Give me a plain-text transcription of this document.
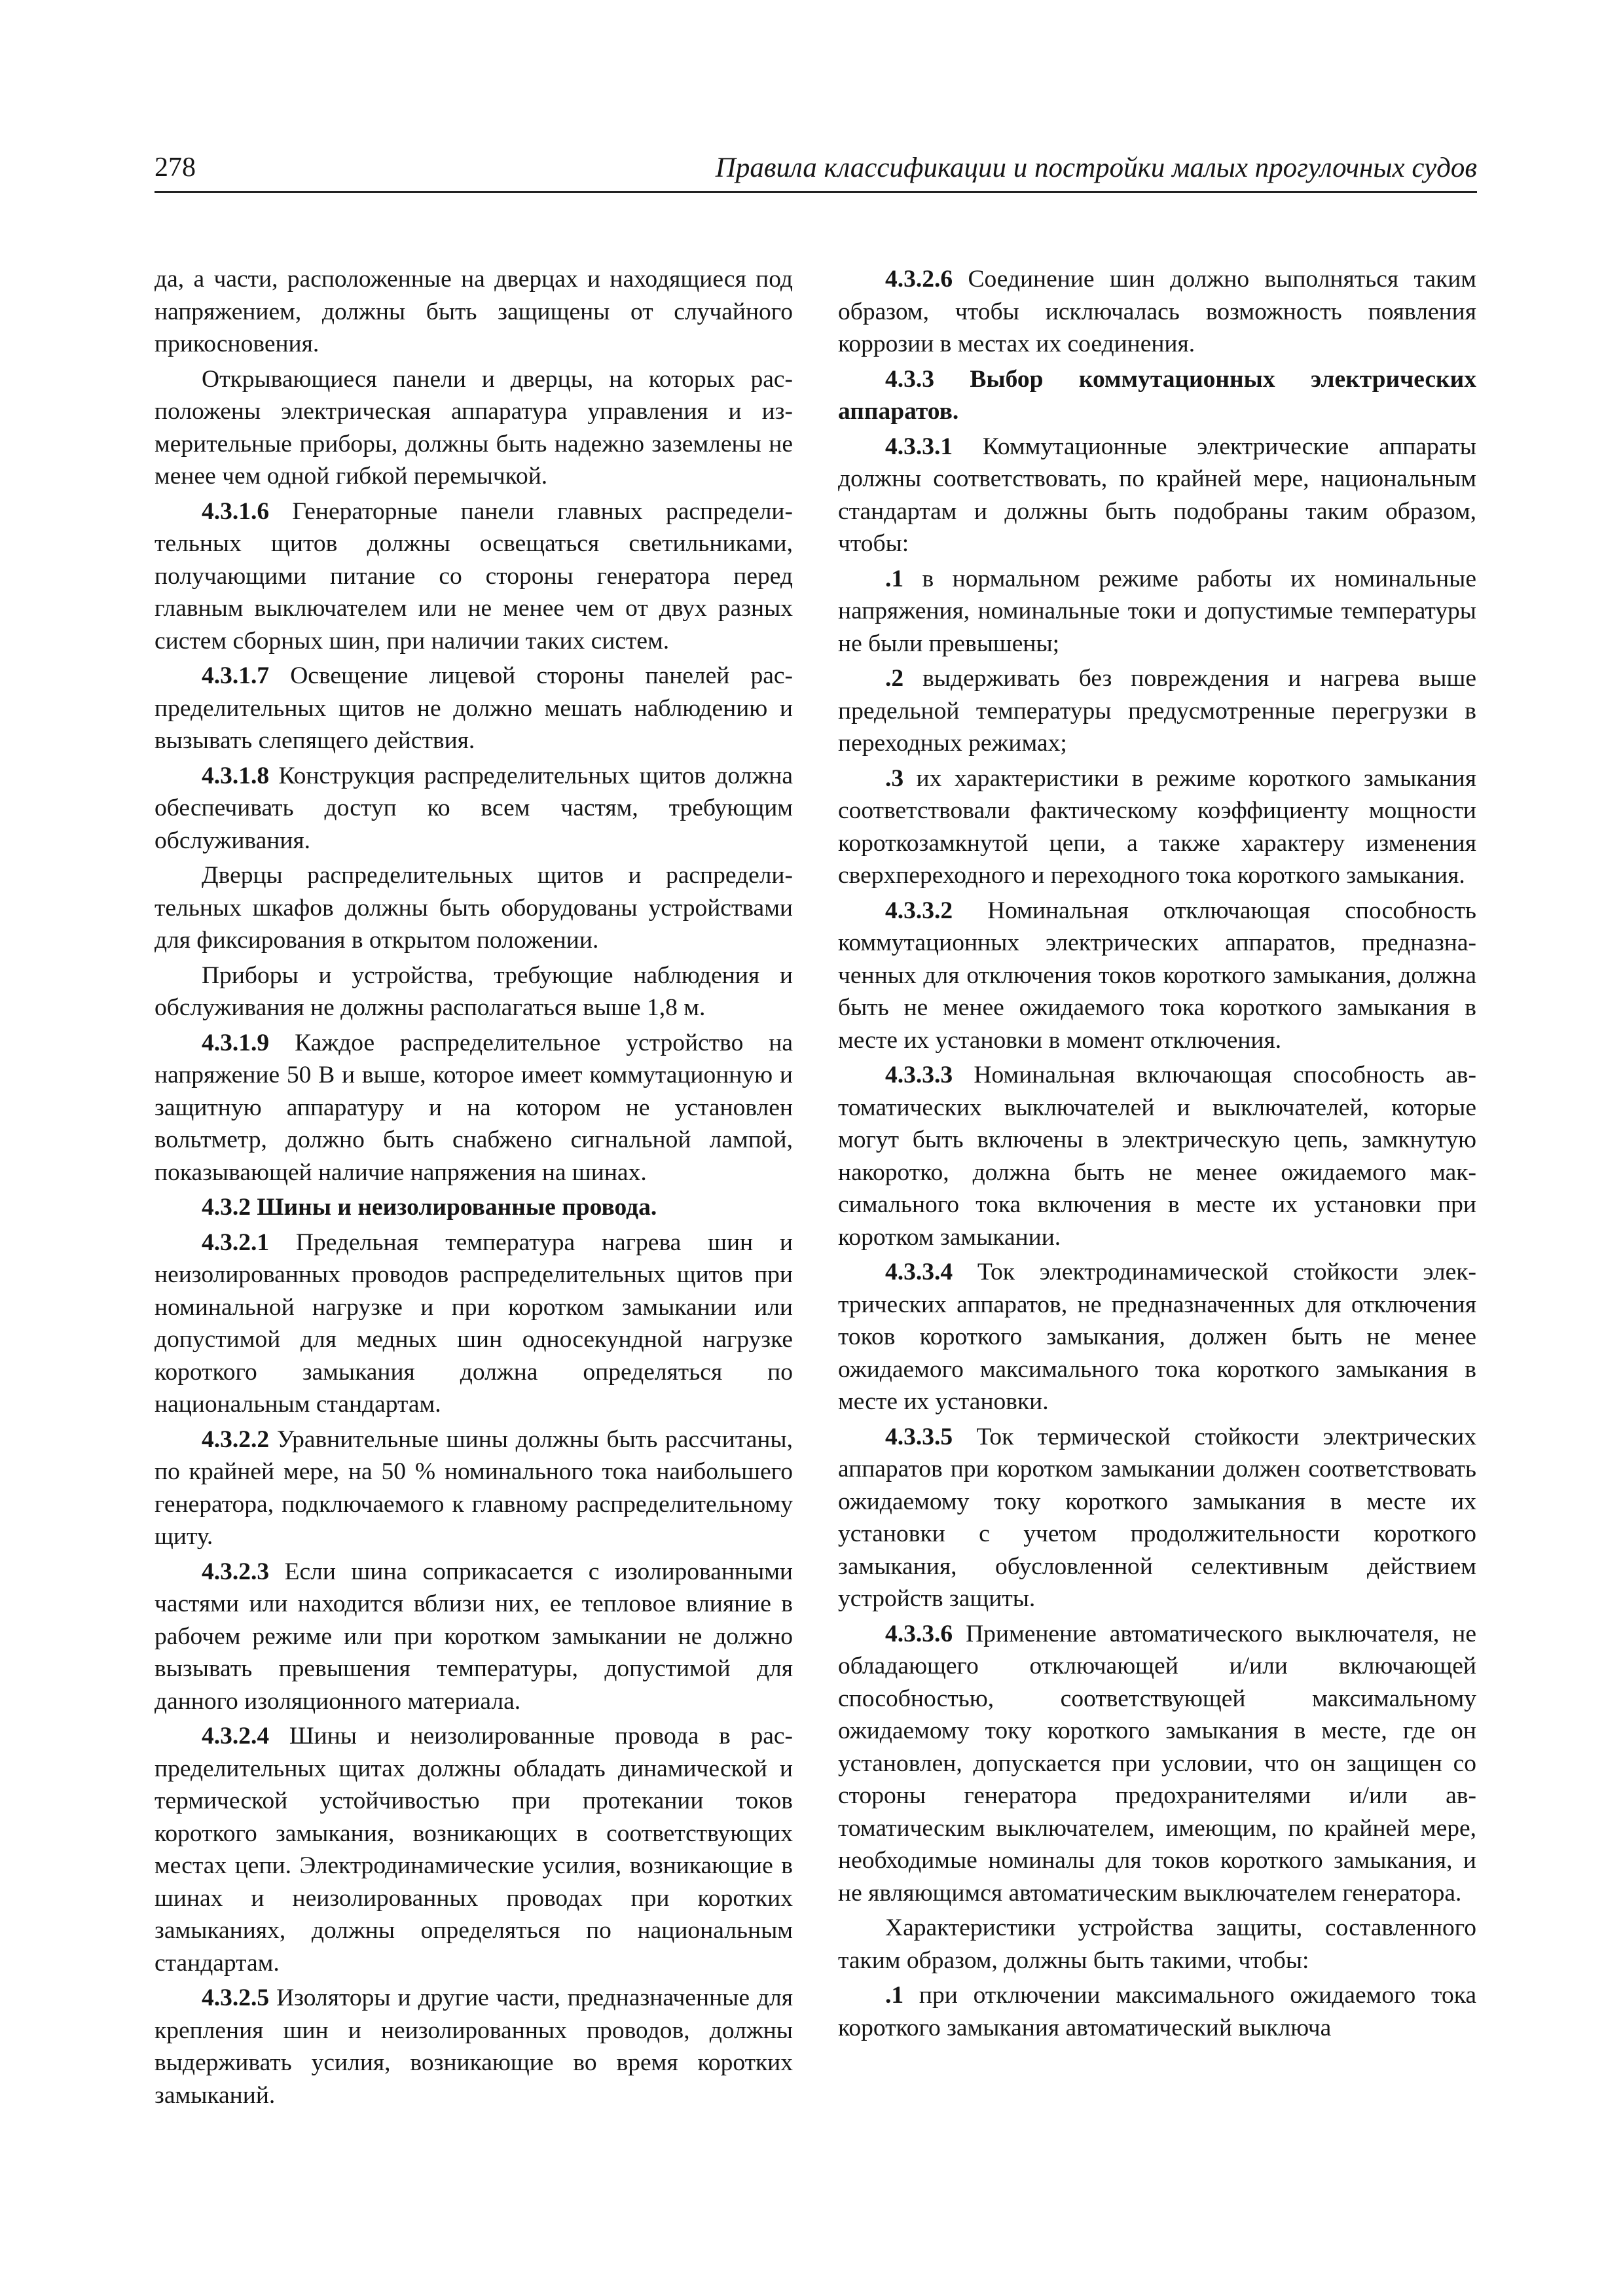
278	Правила классификации и постройки малых прогулочных судов

да, а части, расположенные на дверцах и находящиеся под напряжением, должны быть защищены от случайного прикосновения.

Открывающиеся панели и дверцы, на которых расположены электрическая аппаратура управления и измерительные приборы, должны быть надежно заземлены не менее чем одной гибкой перемычкой.

4.3.1.6 Генераторные панели главных распределительных щитов должны освещаться светильниками, получающими питание со стороны генератора перед главным выключателем или не менее чем от двух разных систем сборных шин, при наличии таких систем.

4.3.1.7 Освещение лицевой стороны панелей распределительных щитов не должно мешать наблюдению и вызывать слепящего действия.

4.3.1.8 Конструкция распределительных щитов должна обеспечивать доступ ко всем частям, требующим обслуживания.

Дверцы распределительных щитов и распределительных шкафов должны быть оборудованы устройствами для фиксирования в открытом положении.

Приборы и устройства, требующие наблюдения и обслуживания не должны располагаться выше 1,8 м.

4.3.1.9 Каждое распределительное устройство на напряжение 50 В и выше, которое имеет коммутационную и защитную аппаратуру и на котором не установлен вольтметр, должно быть снабжено сигнальной лампой, показывающей наличие напряжения на шинах.

4.3.2 Шины и неизолированные провода.

4.3.2.1 Предельная температура нагрева шин и неизолированных проводов распределительных щитов при номинальной нагрузке и при коротком замыкании или допустимой для медных шин односекундной нагрузке короткого замыкания должна определяться по национальным стандартам.

4.3.2.2 Уравнительные шины должны быть рассчитаны, по крайней мере, на 50 % номинального тока наибольшего генератора, подключаемого к главному распределительному щиту.

4.3.2.3 Если шина соприкасается с изолированными частями или находится вблизи них, ее тепловое влияние в рабочем режиме или при коротком замыкании не должно вызывать превышения температуры, допустимой для данного изоляционного материала.

4.3.2.4 Шины и неизолированные провода в распределительных щитах должны обладать динамической и термической устойчивостью при протекании токов короткого замыкания, возникающих в соответствующих местах цепи. Электродинамические усилия, возникающие в шинах и неизолированных проводах при коротких замыканиях, должны определяться по национальным стандартам.

4.3.2.5 Изоляторы и другие части, предназначенные для крепления шин и неизолированных проводов, должны выдерживать усилия, возникающие во время коротких замыканий.

4.3.2.6 Соединение шин должно выполняться таким образом, чтобы исключалась возможность появления коррозии в местах их соединения.

4.3.3 Выбор коммутационных электрических аппаратов.

4.3.3.1 Коммутационные электрические аппараты должны соответствовать, по крайней мере, национальным стандартам и должны быть подобраны таким образом, чтобы:

.1 в нормальном режиме работы их номинальные напряжения, номинальные токи и допустимые температуры не были превышены;

.2 выдерживать без повреждения и нагрева выше предельной температуры предусмотренные перегрузки в переходных режимах;

.3 их характеристики в режиме короткого замыкания соответствовали фактическому коэффициенту мощности короткозамкнутой цепи, а также характеру изменения сверхпереходного и переходного тока короткого замыкания.

4.3.3.2 Номинальная отключающая способность коммутационных электрических аппаратов, предназначенных для отключения токов короткого замыкания, должна быть не менее ожидаемого тока короткого замыкания в месте их установки в момент отключения.

4.3.3.3 Номинальная включающая способность автоматических выключателей и выключателей, которые могут быть включены в электрическую цепь, замкнутую накоротко, должна быть не менее ожидаемого максимального тока включения в месте их установки при коротком замыкании.

4.3.3.4 Ток электродинамической стойкости электрических аппаратов, не предназначенных для отключения токов короткого замыкания, должен быть не менее ожидаемого максимального тока короткого замыкания в месте их установки.

4.3.3.5 Ток термической стойкости электрических аппаратов при коротком замыкании должен соответствовать ожидаемому току короткого замыкания в месте их установки с учетом продолжительности короткого замыкания, обусловленной селективным действием устройств защиты.

4.3.3.6 Применение автоматического выключателя, не обладающего отключающей и/или включающей способностью, соответствующей максимальному ожидаемому току короткого замыкания в месте, где он установлен, допускается при условии, что он защищен со стороны генератора предохранителями и/или автоматическим выключателем, имеющим, по крайней мере, необходимые номиналы для токов короткого замыкания, и не являющимся автоматическим выключателем генератора.

Характеристики устройства защиты, составленного таким образом, должны быть такими, чтобы:

.1 при отключении максимального ожидаемого тока короткого замыкания автоматический выключа
